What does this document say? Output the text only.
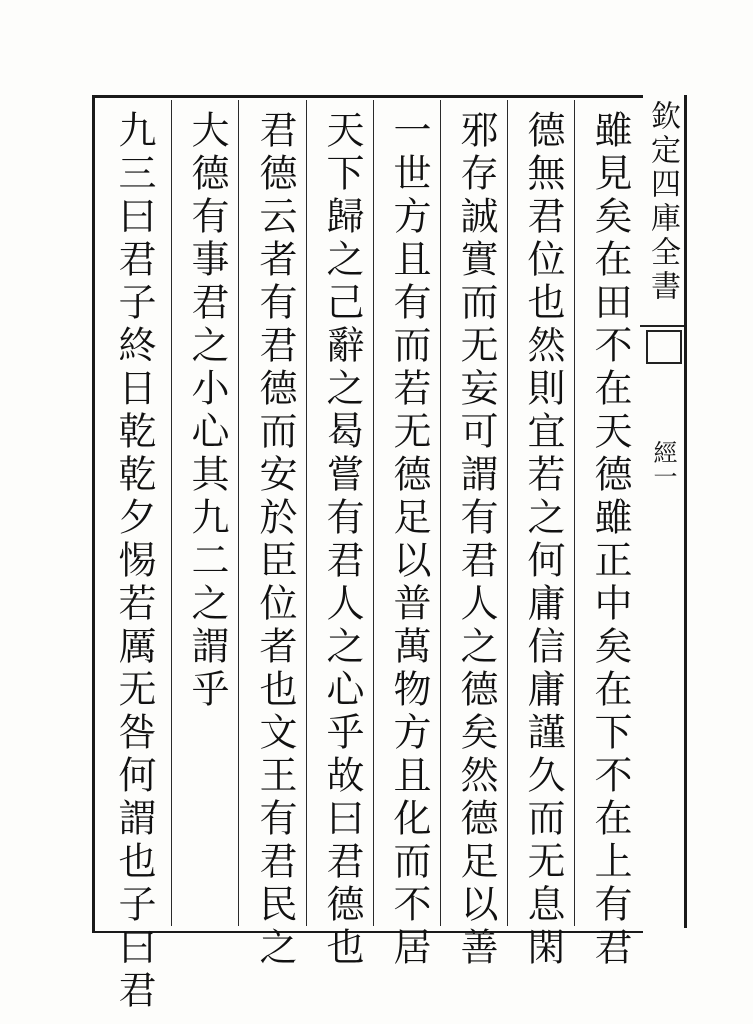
雖見矣在田不在天德雖正中矣在下不在上有君
德無君位也然則宜若之何庸信庸謹久而无息閑
邪存誠實而无妄可謂有君人之德矣然德足以善
一世方且有而若无德足以普萬物方且化而不居
天下歸之己辭之曷嘗有君人之心乎故曰君德也
君德云者有君德而安於臣位者也文王有君民之
大德有事君之小心其九二之謂乎
九三曰君子終日乾乾夕惕若厲无咎何謂也子曰君	欽定四庫全書
經一
